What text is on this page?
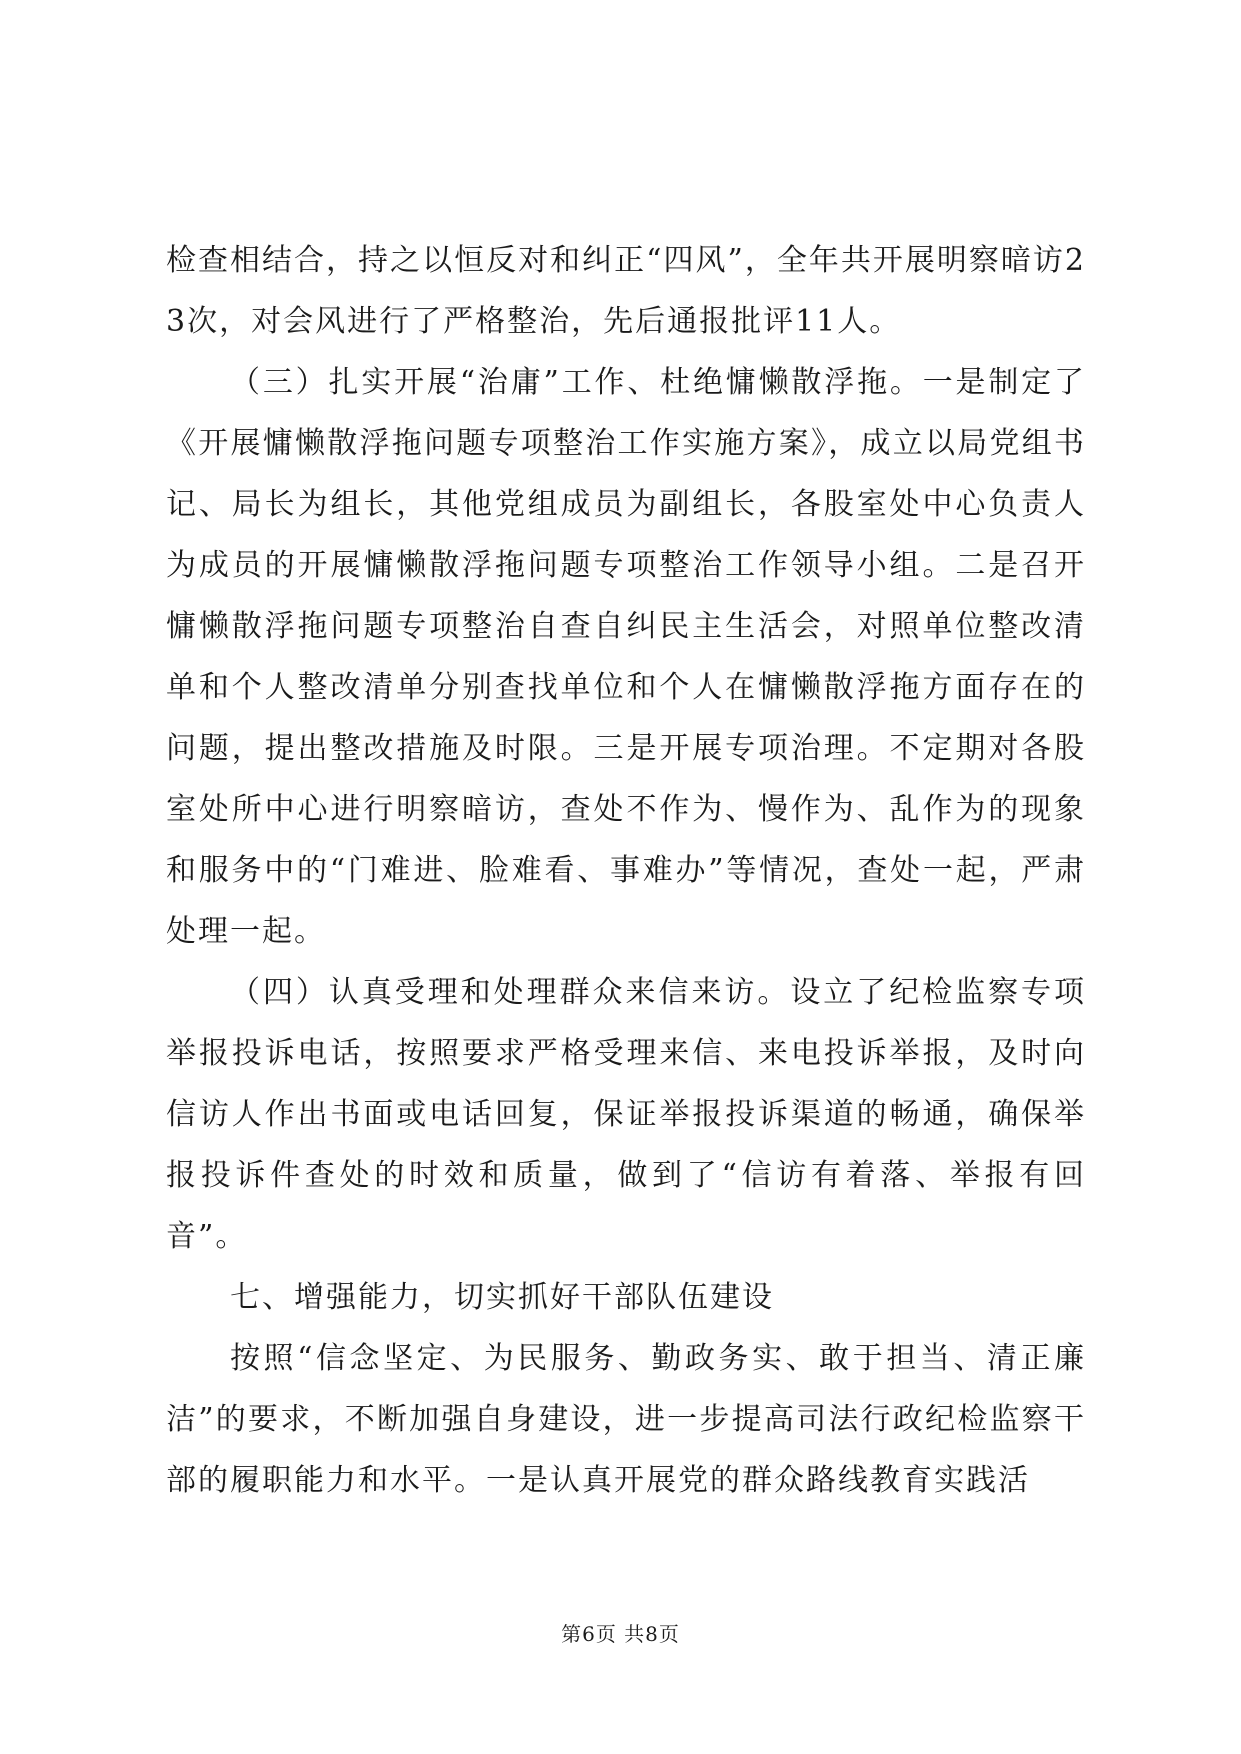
检查相结合，持之以恒反对和纠正“四风”，全年共开展明察暗访23次，对会风进行了严格整治，先后通报批评11人。

（三）扎实开展“治庸”工作、杜绝慵懒散浮拖。一是制定了《开展慵懒散浮拖问题专项整治工作实施方案》，成立以局党组书记、局长为组长，其他党组成员为副组长，各股室处中心负责人为成员的开展慵懒散浮拖问题专项整治工作领导小组。二是召开慵懒散浮拖问题专项整治自查自纠民主生活会，对照单位整改清单和个人整改清单分别查找单位和个人在慵懒散浮拖方面存在的问题，提出整改措施及时限。三是开展专项治理。不定期对各股室处所中心进行明察暗访，查处不作为、慢作为、乱作为的现象和服务中的“门难进、脸难看、事难办”等情况，查处一起，严肃处理一起。

（四）认真受理和处理群众来信来访。设立了纪检监察专项举报投诉电话，按照要求严格受理来信、来电投诉举报，及时向信访人作出书面或电话回复，保证举报投诉渠道的畅通，确保举报投诉件查处的时效和质量，做到了“信访有着落、举报有回音”。

七、增强能力，切实抓好干部队伍建设

按照“信念坚定、为民服务、勤政务实、敢于担当、清正廉洁”的要求，不断加强自身建设，进一步提高司法行政纪检监察干部的履职能力和水平。一是认真开展党的群众路线教育实践活

第6页 共8页
